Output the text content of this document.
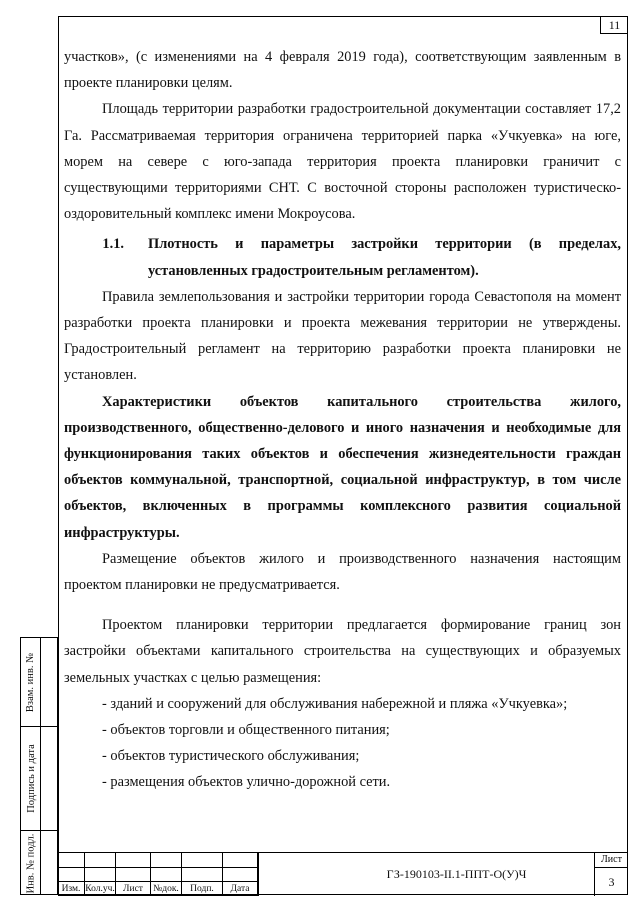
11

участков», (с изменениями на 4 февраля 2019 года), соответствующим заявленным в проекте планировки целям.

Площадь территории разработки градостроительной документации составляет 17,2 Га. Рассматриваемая территория ограничена территорией парка «Учкуевка» на юге, морем на севере с юго-запада территория проекта планировки граничит с существующими территориями СНТ. С восточной стороны расположен туристическо-оздоровительный комплекс имени Мокроусова.

1.1.	Плотность и параметры застройки территории (в пределах, установленных градостроительным регламентом).

Правила землепользования и застройки территории города Севастополя на момент разработки проекта планировки и проекта межевания территории не утверждены. Градостроительный регламент на территорию разработки проекта планировки не установлен.

Характеристики объектов капитального строительства жилого, производственного, общественно-делового и иного назначения и необходимые для функционирования таких объектов и обеспечения жизнедеятельности граждан объектов коммунальной, транспортной, социальной инфраструктур, в том числе объектов, включенных в программы комплексного развития социальной инфраструктуры.

Размещение объектов жилого и производственного назначения настоящим проектом планировки не предусматривается.

Проектом планировки территории предлагается формирование границ зон застройки объектами капитального строительства на существующих и образуемых земельных участках с целью размещения:

- зданий и сооружений для обслуживания набережной и пляжа «Учкуевка»;

- объектов торговли и общественного питания;

- объектов туристического обслуживания;

- размещения объектов улично-дорожной сети.

Взам. инв. №
Подпись и дата
Инв. № подл.	Изм. Кол.уч. Лист	№док.	Подп.	Дата
ГЗ-190103-II.1-ППТ-О(У)Ч
Лист
3
